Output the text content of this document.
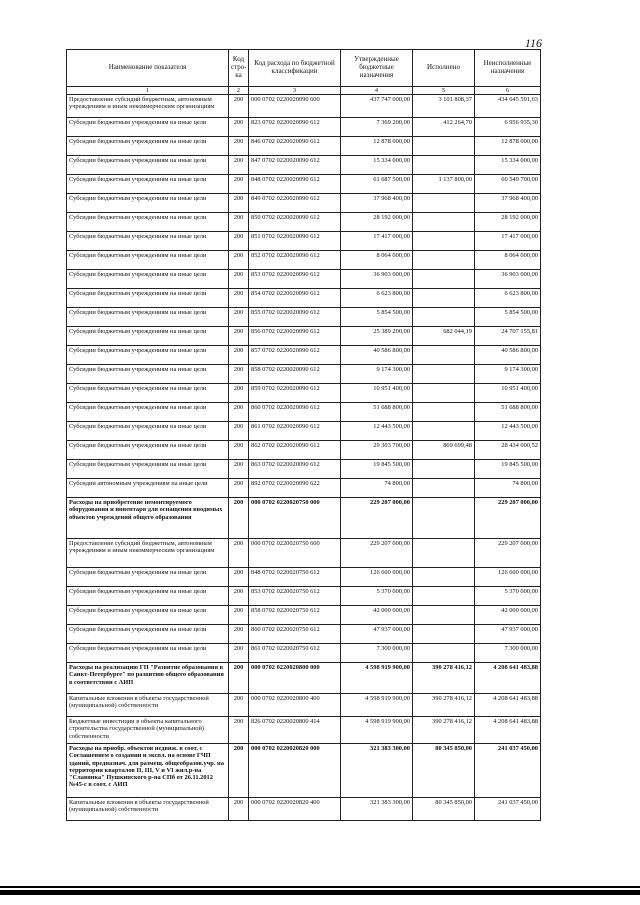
116
Наименование показателя	Код стро-ка	Код расхода по бюджетной классификации	Утвержденные бюджетные назначения	Исполнено	Неисполненные назначения
1	2	3	4	5	6
Предоставление субсидий бюджетным, автономным учреждениям и иным некоммерческим организациям	200	000 0702 0220020090 600	437 747 000,00	3 101 808,37	434 645 591,63
Субсидии бюджетным учреждениям на иные цели	200	823 0702 0220020090 612	7 369 200,00	412 264,70	6 956 935,30
Субсидии бюджетным учреждениям на иные цели	200	846 0702 0220020090 612	12 878 000,00		12 878 000,00
Субсидии бюджетным учреждениям на иные цели	200	847 0702 0220020090 612	15 334 000,00		15 334 000,00
Субсидии бюджетным учреждениям на иные цели	200	848 0702 0220020090 612	61 687 500,00	1 137 800,00	60 549 700,00
Субсидии бюджетным учреждениям на иные цели	200	849 0702 0220020090 612	37 968 400,00		37 968 400,00
Субсидии бюджетным учреждениям на иные цели	200	850 0702 0220020090 612	28 192 000,00		28 192 000,00
Субсидии бюджетным учреждениям на иные цели	200	851 0702 0220020090 612	17 417 000,00		17 417 000,00
Субсидии бюджетным учреждениям на иные цели	200	852 0702 0220020090 612	8 064 000,00		8 064 000,00
Субсидии бюджетным учреждениям на иные цели	200	853 0702 0220020090 612	36 903 000,00		36 903 000,00
Субсидии бюджетным учреждениям на иные цели	200	854 0702 0220020090 612	6 623 800,00		6 623 800,00
Субсидии бюджетным учреждениям на иные цели	200	855 0702 0220020090 612	5 854 500,00		5 854 500,00
Субсидии бюджетным учреждениям на иные цели	200	856 0702 0220020090 612	25 389 200,00	682 044,19	24 707 155,81
Субсидии бюджетным учреждениям на иные цели	200	857 0702 0220020090 612	40 586 800,00		40 586 800,00
Субсидии бюджетным учреждениям на иные цели	200	858 0702 0220020090 612	9 174 300,00		9 174 300,00
Субсидии бюджетным учреждениям на иные цели	200	859 0702 0220020090 612	10 951 400,00		10 951 400,00
Субсидии бюджетным учреждениям на иные цели	200	860 0702 0220020090 612	51 688 800,00		51 688 800,00
Субсидии бюджетным учреждениям на иные цели	200	861 0702 0220020090 612	12 443 500,00		12 443 500,00
Субсидии бюджетным учреждениям на иные цели	200	862 0702 0220020090 612	29 303 700,00	869 699,48	28 434 000,52
Субсидии бюджетным учреждениям на иные цели	200	863 0702 0220020090 612	19 845 500,00		19 845 500,00
Субсидии автономным учреждениям на иные цели	200	892 0702 0220020090 622	74 800,00		74 800,00
Расходы на приобретение немонтируемого оборудования и инвентаря для оснащения вводимых объектов учреждений общего образования	200	000 0702 0220020750 000	229 207 000,00		229 207 000,00
Предоставление субсидий бюджетным, автономным учреждениям и иным некоммерческим организациям	200	000 0702 0220020750 600	229 207 000,00		229 207 000,00
Субсидии бюджетным учреждениям на иные цели	200	848 0702 0220020750 612	126 600 000,00		126 600 000,00
Субсидии бюджетным учреждениям на иные цели	200	853 0702 0220020750 612	5 370 000,00		5 370 000,00
Субсидии бюджетным учреждениям на иные цели	200	858 0702 0220020750 612	42 000 000,00		42 000 000,00
Субсидии бюджетным учреждениям на иные цели	200	860 0702 0220020750 612	47 937 000,00		47 937 000,00
Субсидии бюджетным учреждениям на иные цели	200	861 0702 0220020750 612	7 300 000,00		7 300 000,00
Расходы на реализацию ГП "Развитие образования в Санкт-Петербурге" по развитию общего образования в соответствии с АИП	200	000 0702 0220020800 000	4 598 919 900,00	390 278 416,12	4 208 641 483,88
Капитальные вложения в объекты государственной (муниципальной) собственности	200	000 0702 0220020800 400	4 598 919 900,00	390 278 416,12	4 208 641 483,88
Бюджетные инвестиции в объекты капитального строительства государственной (муниципальной) собственности	200	826 0702 0220020800 414	4 598 919 900,00	390 278 416,12	4 208 641 483,88
Расходы на приобр. объектов недвиж. в соот. с Соглашением о создании и экспл. на основе ГЧП зданий, предназнач. для размещ. общеобразов.учр. на территории кварталов II, III, V и VI жил.р-на "Славянка" Пушкинского р-на СПб от 26.11.2012 №45-с в соот. с АИП	200	000 0702 0220020820 000	321 383 300,00	80 345 850,00	241 037 450,00
Капитальные вложения в объекты государственной (муниципальной) собственности	200	000 0702 0220020820 400	321 383 300,00	80 345 850,00	241 037 450,00
